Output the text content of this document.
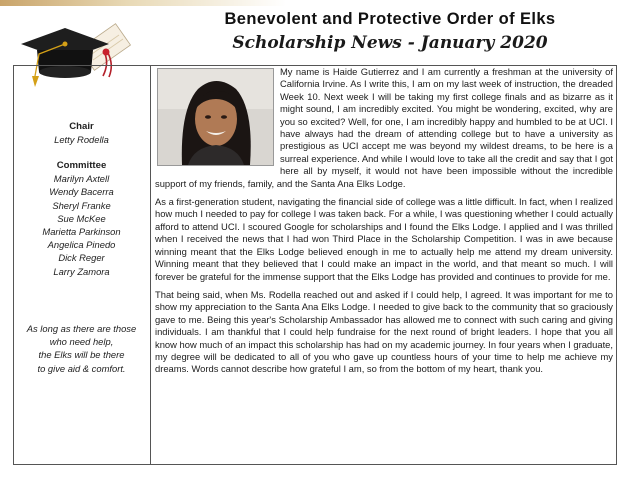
Benevolent and Protective Order of Elks
Scholarship News - January 2020
Chair
Letty Rodella
Committee
Marilyn Axtell
Wendy Bacerra
Sheryl Franke
Sue McKee
Marietta Parkinson
Angelica Pinedo
Dick Reger
Larry Zamora
As long as there are those
who need help,
the Elks will be there
to give aid & comfort.

My name is Haide Gutierrez and I am currently a freshman at the university of California Irvine. As I write this, I am on my last week of instruction, the dreaded Week 10. Next week I will be taking my first college finals and as bizarre as it might sound, I am incredibly excited. You might be wondering, excited, why are you so excited? Well, for one, I am incredibly happy and humbled to be at UCI. I have always had the dream of attending college but to have a university as prestigious as UCI accept me was beyond my wildest dreams, to be here is a surreal experience. And while I would love to take all the credit and say that I got here all by myself, it would not have been impossible without the incredible support of my friends, family, and the Santa Ana Elks Lodge.

As a first-generation student, navigating the financial side of college was a little difficult. In fact, when I realized how much I needed to pay for college I was taken back. For a while, I was questioning whether I could actually afford to attend UCI. I scoured Google for scholarships and I found the Elks Lodge. I applied and I was thrilled when I received the news that I had won Third Place in the Scholarship Competition. I was in awe because winning meant that the Elks Lodge believed enough in me to actually help me attend my dream university. Winning meant that they believed that I could make an impact in the world, and that meant so much. I will forever be grateful for the immense support that the Elks Lodge has provided and continues to provide for me.

That being said, when Ms. Rodella reached out and asked if I could help, I agreed. It was important for me to show my appreciation to the Santa Ana Elks Lodge. I needed to give back to the community that so graciously gave to me. Being this year's Scholarship Ambassador has allowed me to connect with such caring and giving individuals. I am thankful that I could help fundraise for the next round of bright leaders. I hope that you all know how much of an impact this scholarship has had on my academic journey. In four years when I graduate, my degree will be dedicated to all of you who gave up countless hours of your time to help me achieve my dreams. Words cannot describe how grateful I am, so from the bottom of my heart, thank you.
